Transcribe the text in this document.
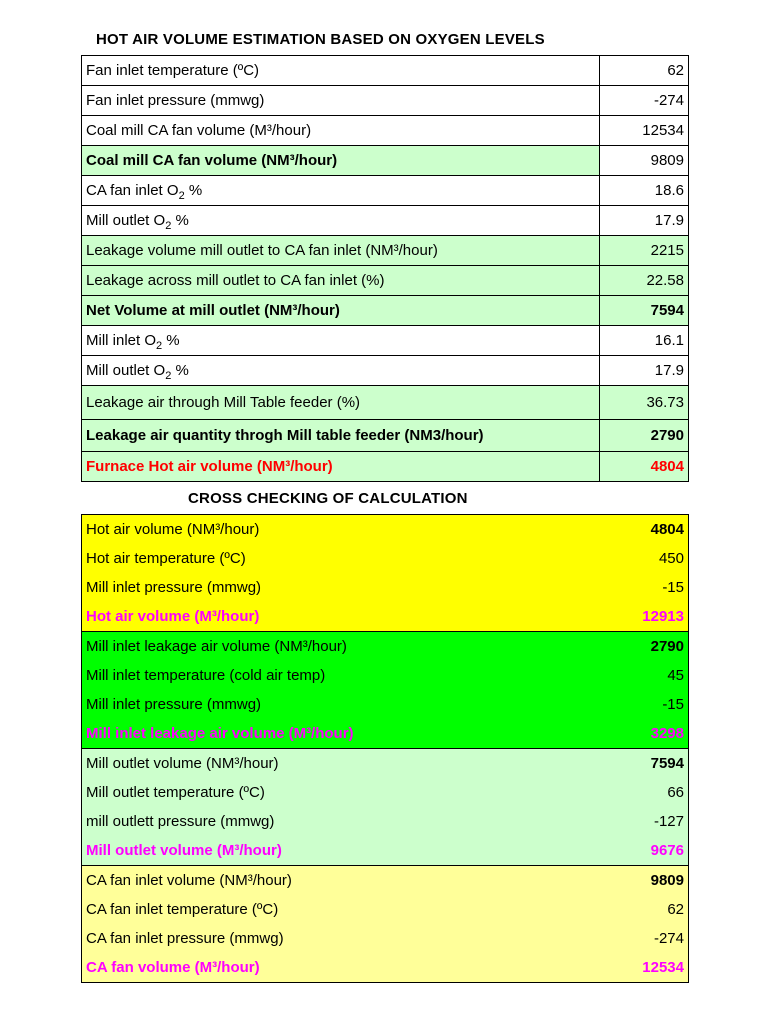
HOT AIR VOLUME ESTIMATION BASED ON OXYGEN LEVELS
Fan inlet temperature (ºC)	62
Fan inlet pressure (mmwg)	-274
Coal mill CA fan volume (M³/hour)	12534
Coal mill CA fan volume (NM³/hour)	9809
CA fan inlet $O_2$ %	18.6
Mill outlet $O_2$ %	17.9
Leakage volume mill outlet to CA fan inlet (NM³/hour)	2215
Leakage across mill outlet to CA fan inlet (%)	22.58
Net Volume at mill outlet (NM³/hour)	7594
Mill inlet $O_2$ %	16.1
Mill outlet $O_2$ %	17.9
Leakage air through Mill Table feeder (%)	36.73
Leakage air quantity throgh Mill table feeder (NM3/hour)	2790
Furnace Hot air volume (NM³/hour)	4804
CROSS CHECKING OF CALCULATION
Hot air volume (NM³/hour)	4804
Hot air temperature (ºC)	450
Mill inlet pressure (mmwg)	-15
Hot air volume (M³/hour)	12913
Mill inlet leakage air volume (NM³/hour)	2790
Mill inlet temperature (cold air temp)	45
Mill inlet pressure (mmwg)	-15
Mill inlet leakage air volume (M³/hour)	3298
Mill outlet volume (NM³/hour)	7594
Mill outlet temperature (ºC)	66
mill outlett pressure (mmwg)	-127
Mill outlet volume (M³/hour)	9676
CA fan inlet volume (NM³/hour)	9809
CA fan inlet temperature (ºC)	62
CA fan inlet pressure (mmwg)	-274
CA fan volume (M³/hour)	12534
